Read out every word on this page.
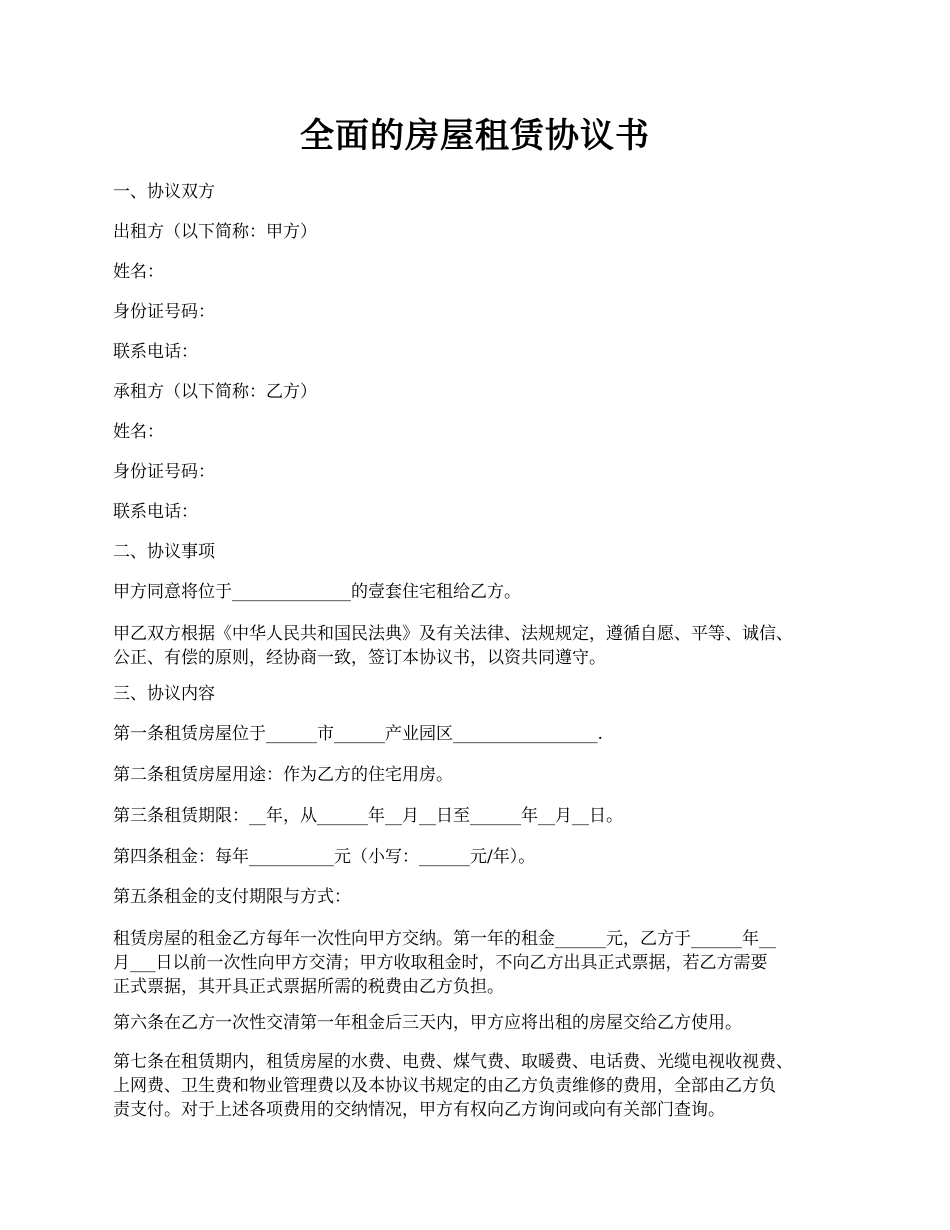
全面的房屋租赁协议书
一、协议双方
出租方（以下简称：甲方）
姓名：
身份证号码：
联系电话：
承租方（以下简称：乙方）
姓名：
身份证号码：
联系电话：
二、协议事项
甲方同意将位于______________的壹套住宅租给乙方。
甲乙双方根据《中华人民共和国民法典》及有关法律、法规规定，遵循自愿、平等、诚信、
公正、有偿的原则，经协商一致，签订本协议书，以资共同遵守。
三、协议内容
第一条租赁房屋位于______市______产业园区_________________.
第二条租赁房屋用途：作为乙方的住宅用房。
第三条租赁期限：__年，从______年__月__日至______年__月__日。
第四条租金：每年__________元（小写：______元/年）。
第五条租金的支付期限与方式：
租赁房屋的租金乙方每年一次性向甲方交纳。第一年的租金______元，乙方于______年__
月___日以前一次性向甲方交清；甲方收取租金时，不向乙方出具正式票据，若乙方需要
正式票据，其开具正式票据所需的税费由乙方负担。
第六条在乙方一次性交清第一年租金后三天内，甲方应将出租的房屋交给乙方使用。
第七条在租赁期内，租赁房屋的水费、电费、煤气费、取暖费、电话费、光缆电视收视费、
上网费、卫生费和物业管理费以及本协议书规定的由乙方负责维修的费用，全部由乙方负
责支付。对于上述各项费用的交纳情况，甲方有权向乙方询问或向有关部门查询。
